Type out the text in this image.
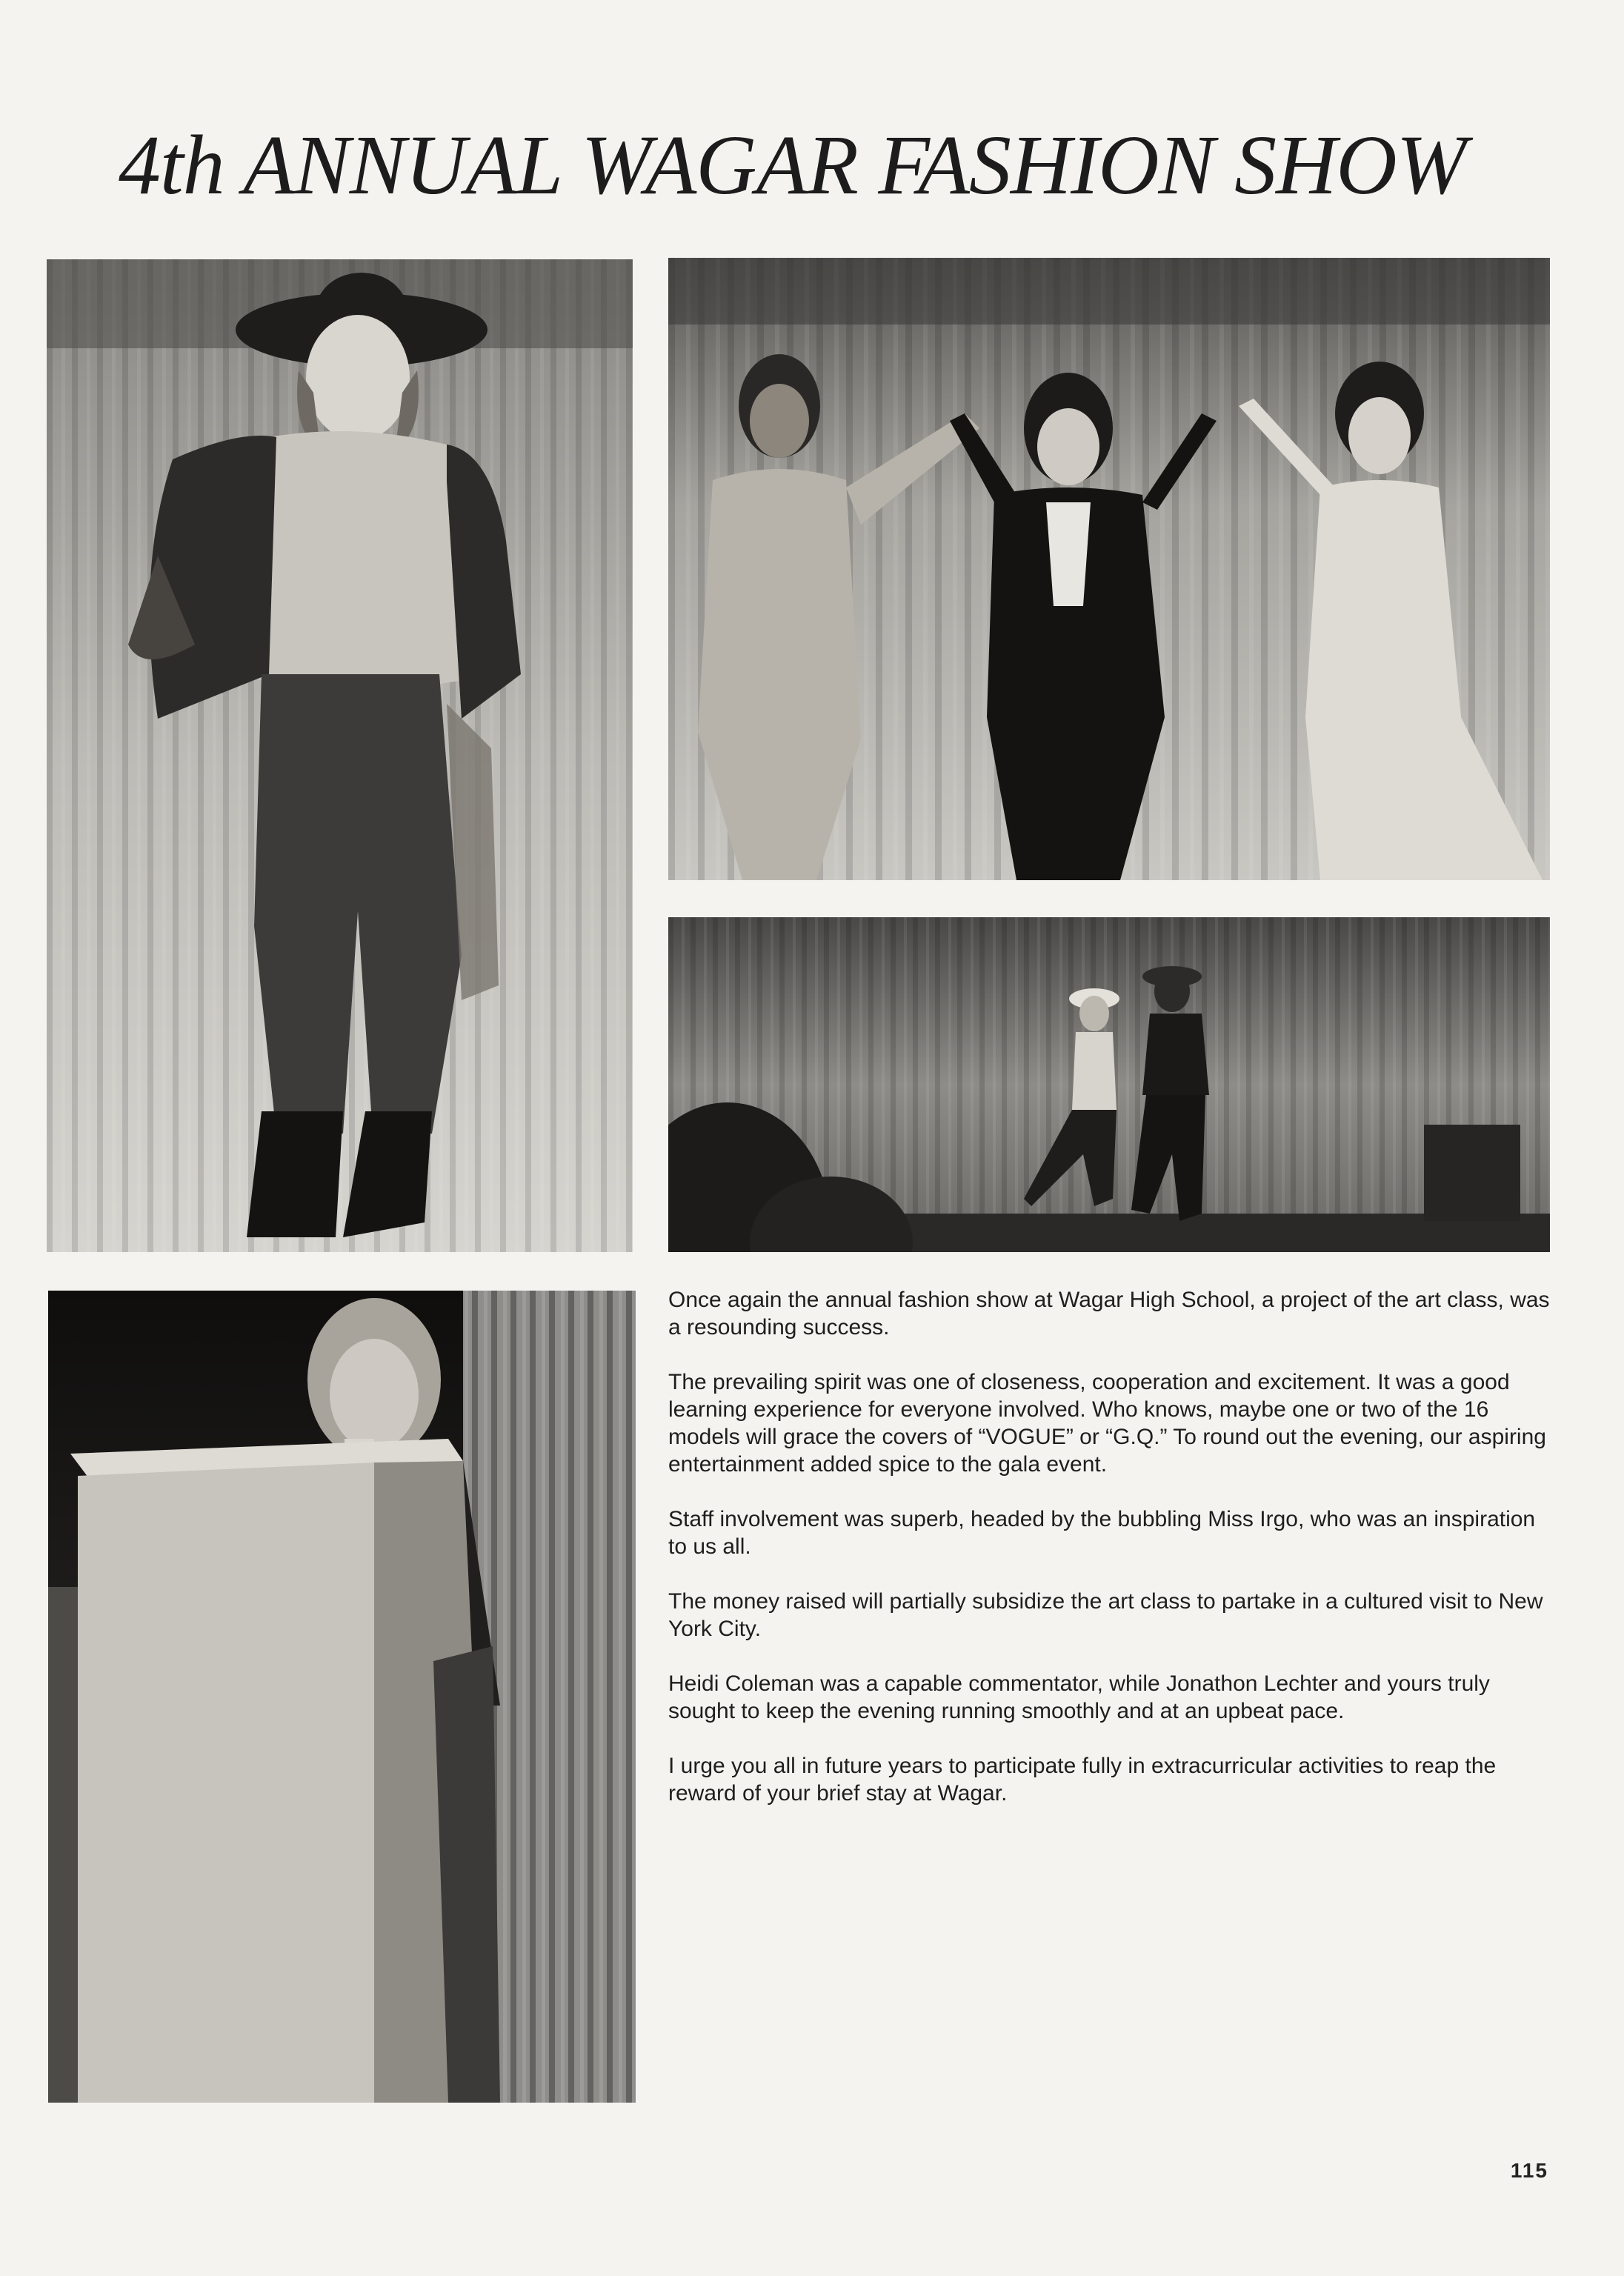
4th ANNUAL WAGAR FASHION SHOW

Once again the annual fashion show at Wagar High School, a project of the art class, was a resounding success.

The prevailing spirit was one of closeness, cooperation and excitement. It was a good learning experience for everyone involved. Who knows, maybe one or two of the 16 models will grace the covers of “VOGUE” or “G.Q.” To round out the evening, our aspiring entertainment added spice to the gala event.

Staff involvement was superb, headed by the bubbling Miss Irgo, who was an inspiration to us all.

The money raised will partially subsidize the art class to partake in a cultured visit to New York City.

Heidi Coleman was a capable commentator, while Jonathon Lechter and yours truly sought to keep the evening running smoothly and at an upbeat pace.

I urge you all in future years to participate fully in extracurricular activities to reap the reward of your brief stay at Wagar.

115
